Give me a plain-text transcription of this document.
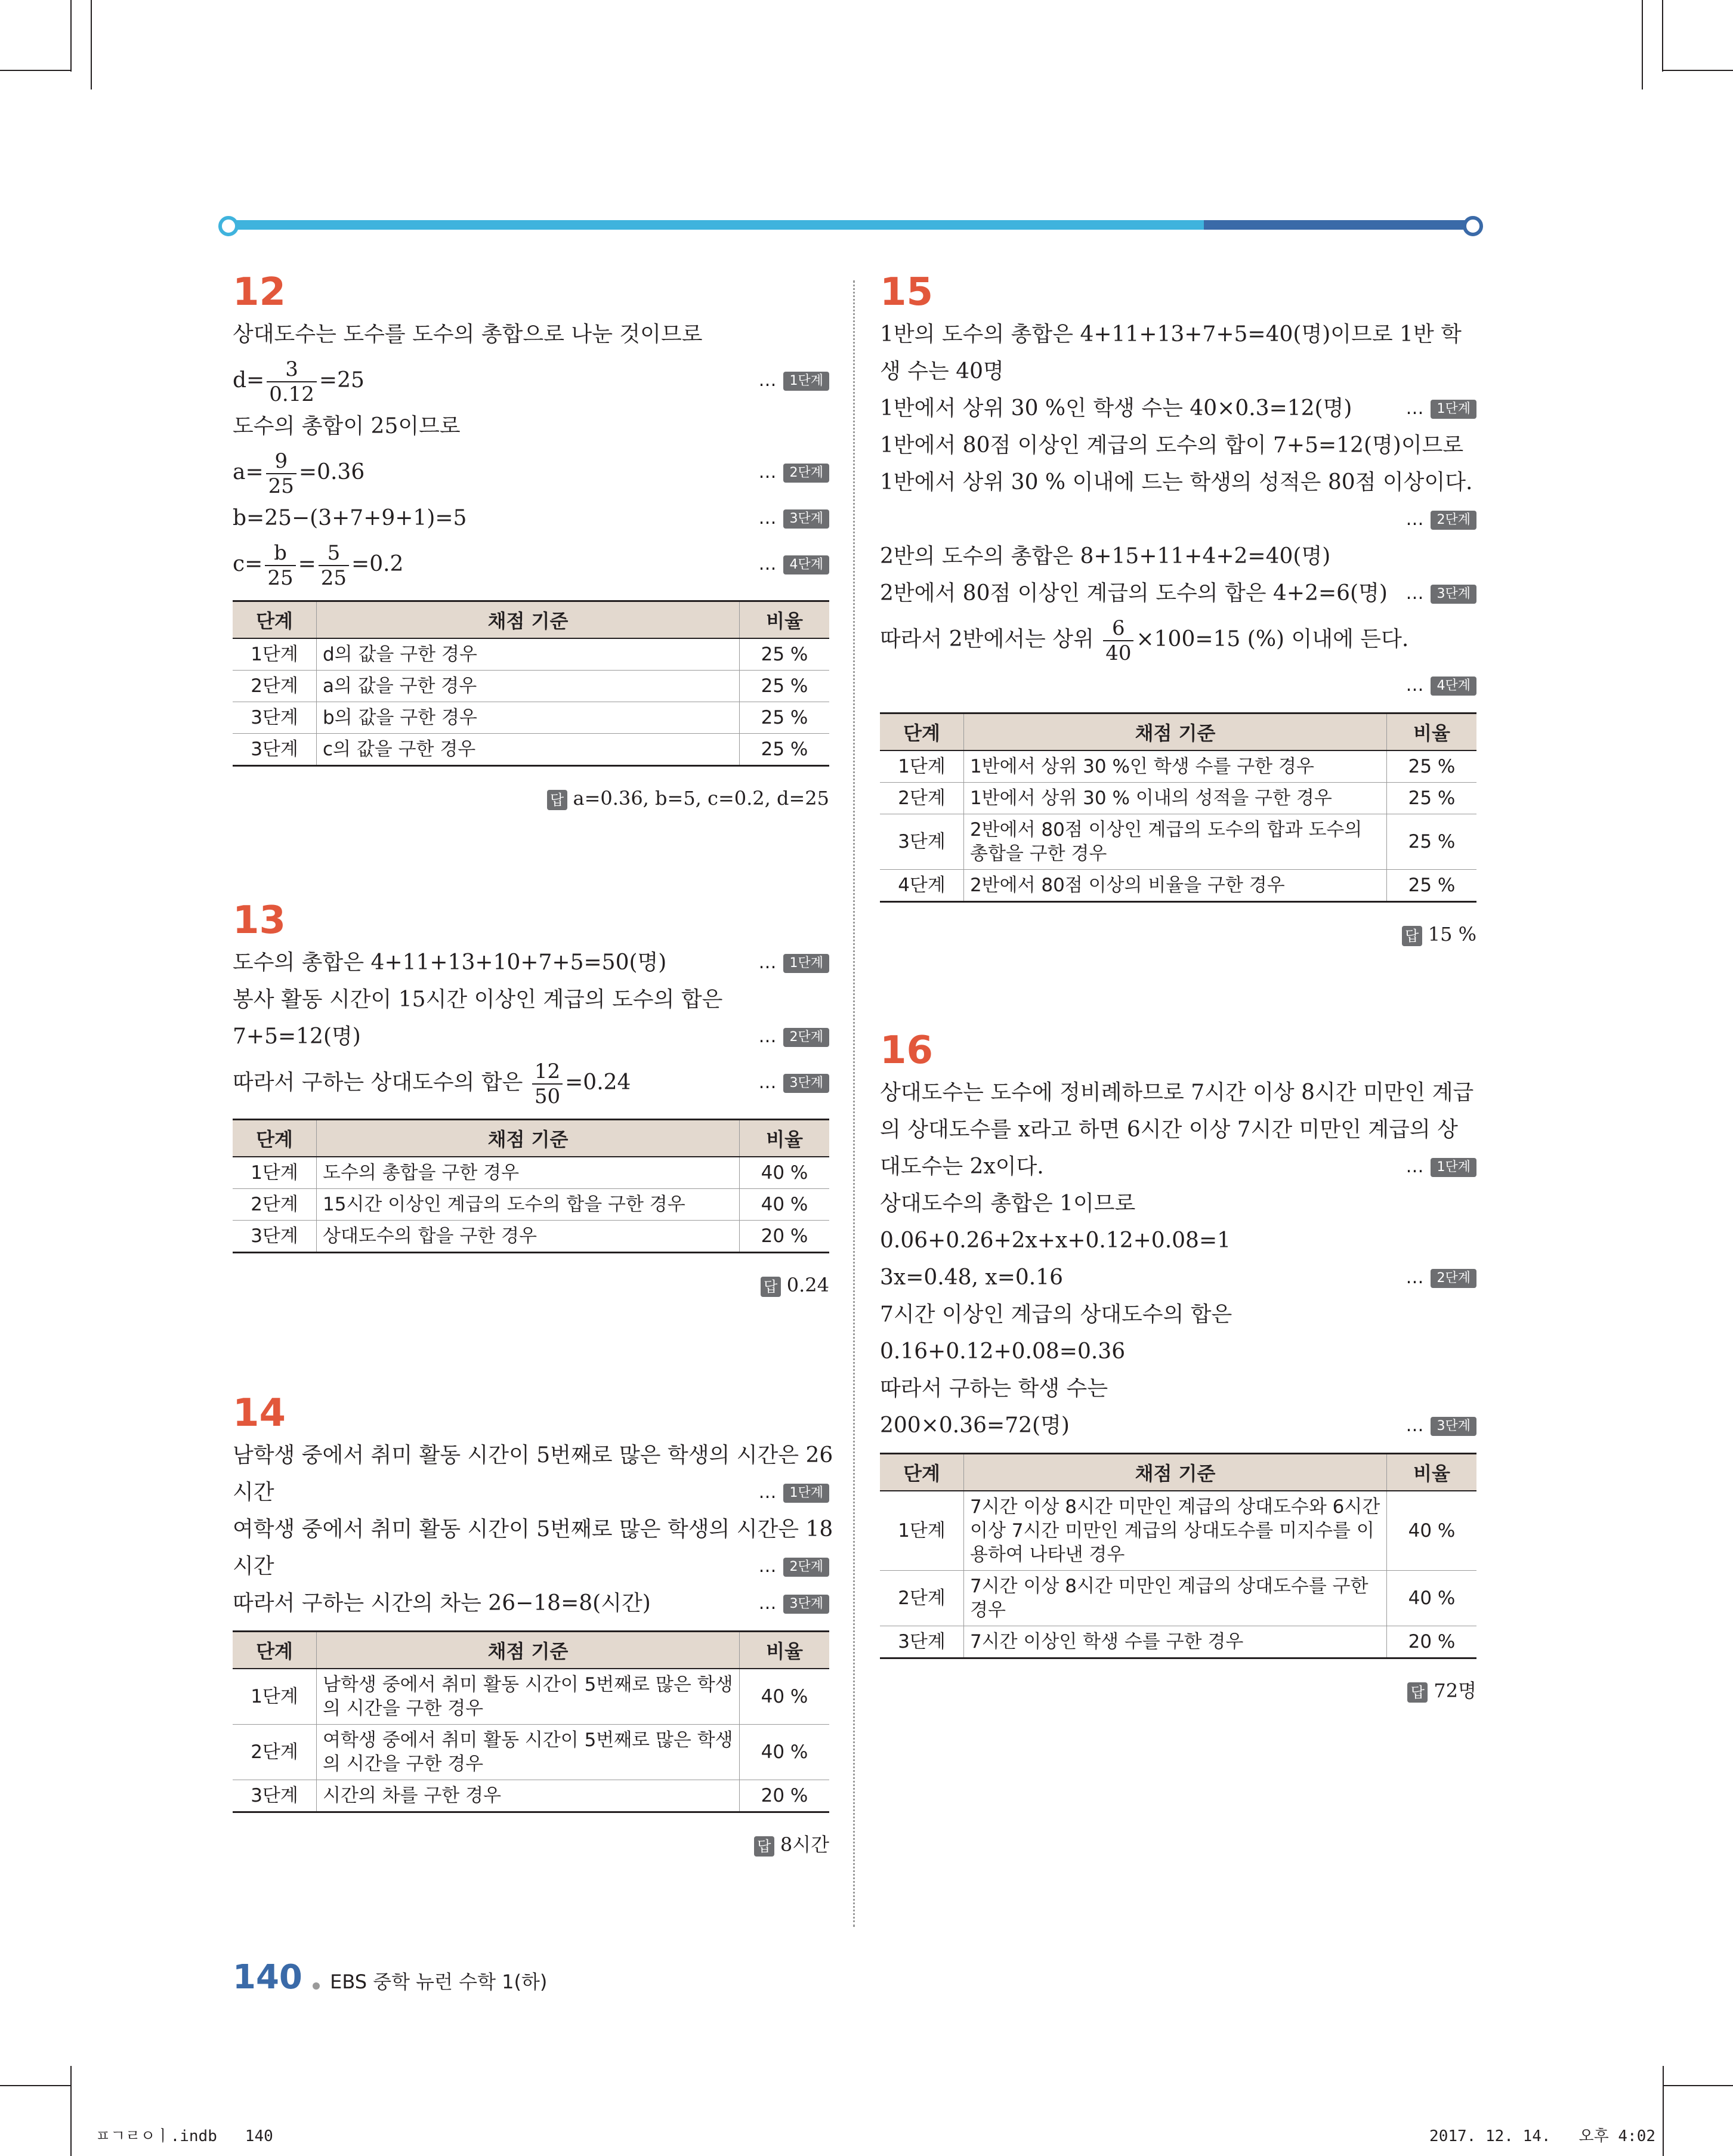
12
상대도수는 도수를 도수의 총합으로 나눈 것이므로
$d= \frac{3}{0.12} =25$	… 1단계
도수의 총합이 25이므로
$a= \frac{9}{25} =0.36$	… 2단계
b=25−(3+7+9+1)=5	… 3단계
$c= \frac{b}{25} = \frac{5}{25} =0.2$	… 4단계
단계	채점 기준	비율
1단계	d의 값을 구한 경우	25 %
2단계	a의 값을 구한 경우	25 %
3단계	b의 값을 구한 경우	25 %
3단계	c의 값을 구한 경우	25 %
답 a=0.36, b=5, c=0.2, d=25
13
도수의 총합은 4+11+13+10+7+5=50(명)	… 1단계
봉사 활동 시간이 15시간 이상인 계급의 도수의 합은
7+5=12(명)	… 2단계
따라서 구하는 상대도수의 합은 $\frac{12}{50} =0.24$	… 3단계
단계	채점 기준	비율
1단계	도수의 총합을 구한 경우	40 %
2단계	15시간 이상인 계급의 도수의 합을 구한 경우	40 %
3단계	상대도수의 합을 구한 경우	20 %
답 0.24
14
남학생 중에서 취미 활동 시간이 5번째로 많은 학생의 시간은 26
시간	… 1단계
여학생 중에서 취미 활동 시간이 5번째로 많은 학생의 시간은 18
시간	… 2단계
따라서 구하는 시간의 차는 26−18=8(시간)	… 3단계
단계	채점 기준	비율
1단계	남학생 중에서 취미 활동 시간이 5번째로 많은 학생의 시간을 구한 경우	40 %
2단계	여학생 중에서 취미 활동 시간이 5번째로 많은 학생의 시간을 구한 경우	40 %
3단계	시간의 차를 구한 경우	20 %
답 8시간
15
1반의 도수의 총합은 4+11+13+7+5=40(명)이므로 1반 학
생 수는 40명
1반에서 상위 30 %인 학생 수는 40×0.3=12(명)	… 1단계
1반에서 80점 이상인 계급의 도수의 합이 7+5=12(명)이므로
1반에서 상위 30 % 이내에 드는 학생의 성적은 80점 이상이다.
… 2단계
2반의 도수의 총합은 8+15+11+4+2=40(명)
2반에서 80점 이상인 계급의 도수의 합은 4+2=6(명) … 3단계
따라서 2반에서는 상위 $\frac{6}{40} \times 100=15$ (%) 이내에 든다.
… 4단계
단계	채점 기준	비율
1단계	1반에서 상위 30 %인 학생 수를 구한 경우	25 %
2단계	1반에서 상위 30 % 이내의 성적을 구한 경우	25 %
3단계	2반에서 80점 이상인 계급의 도수의 합과 도수의 총합을 구한 경우	25 %
4단계	2반에서 80점 이상의 비율을 구한 경우	25 %
답 15 %
16
상대도수는 도수에 정비례하므로 7시간 이상 8시간 미만인 계급
의 상대도수를 x라고 하면 6시간 이상 7시간 미만인 계급의 상
대도수는 2x이다.	… 1단계
상대도수의 총합은 1이므로
0.06+0.26+2x+x+0.12+0.08=1
3x=0.48, x=0.16	… 2단계
7시간 이상인 계급의 상대도수의 합은
0.16+0.12+0.08=0.36
따라서 구하는 학생 수는
200×0.36=72(명)	… 3단계
단계	채점 기준	비율
1단계	7시간 이상 8시간 미만인 계급의 상대도수와 6시간 이상 7시간 미만인 계급의 상대도수를 미지수를 이용하여 나타낸 경우	40 %
2단계	7시간 이상 8시간 미만인 계급의 상대도수를 구한 경우	40 %
3단계	7시간 이상인 학생 수를 구한 경우	20 %
답 72명
140 EBS 중학 뉴런 수학 1(하)
ㅍㄱㄹㅇㅣ.indb   140	2017. 12. 14.   오후 4:02
